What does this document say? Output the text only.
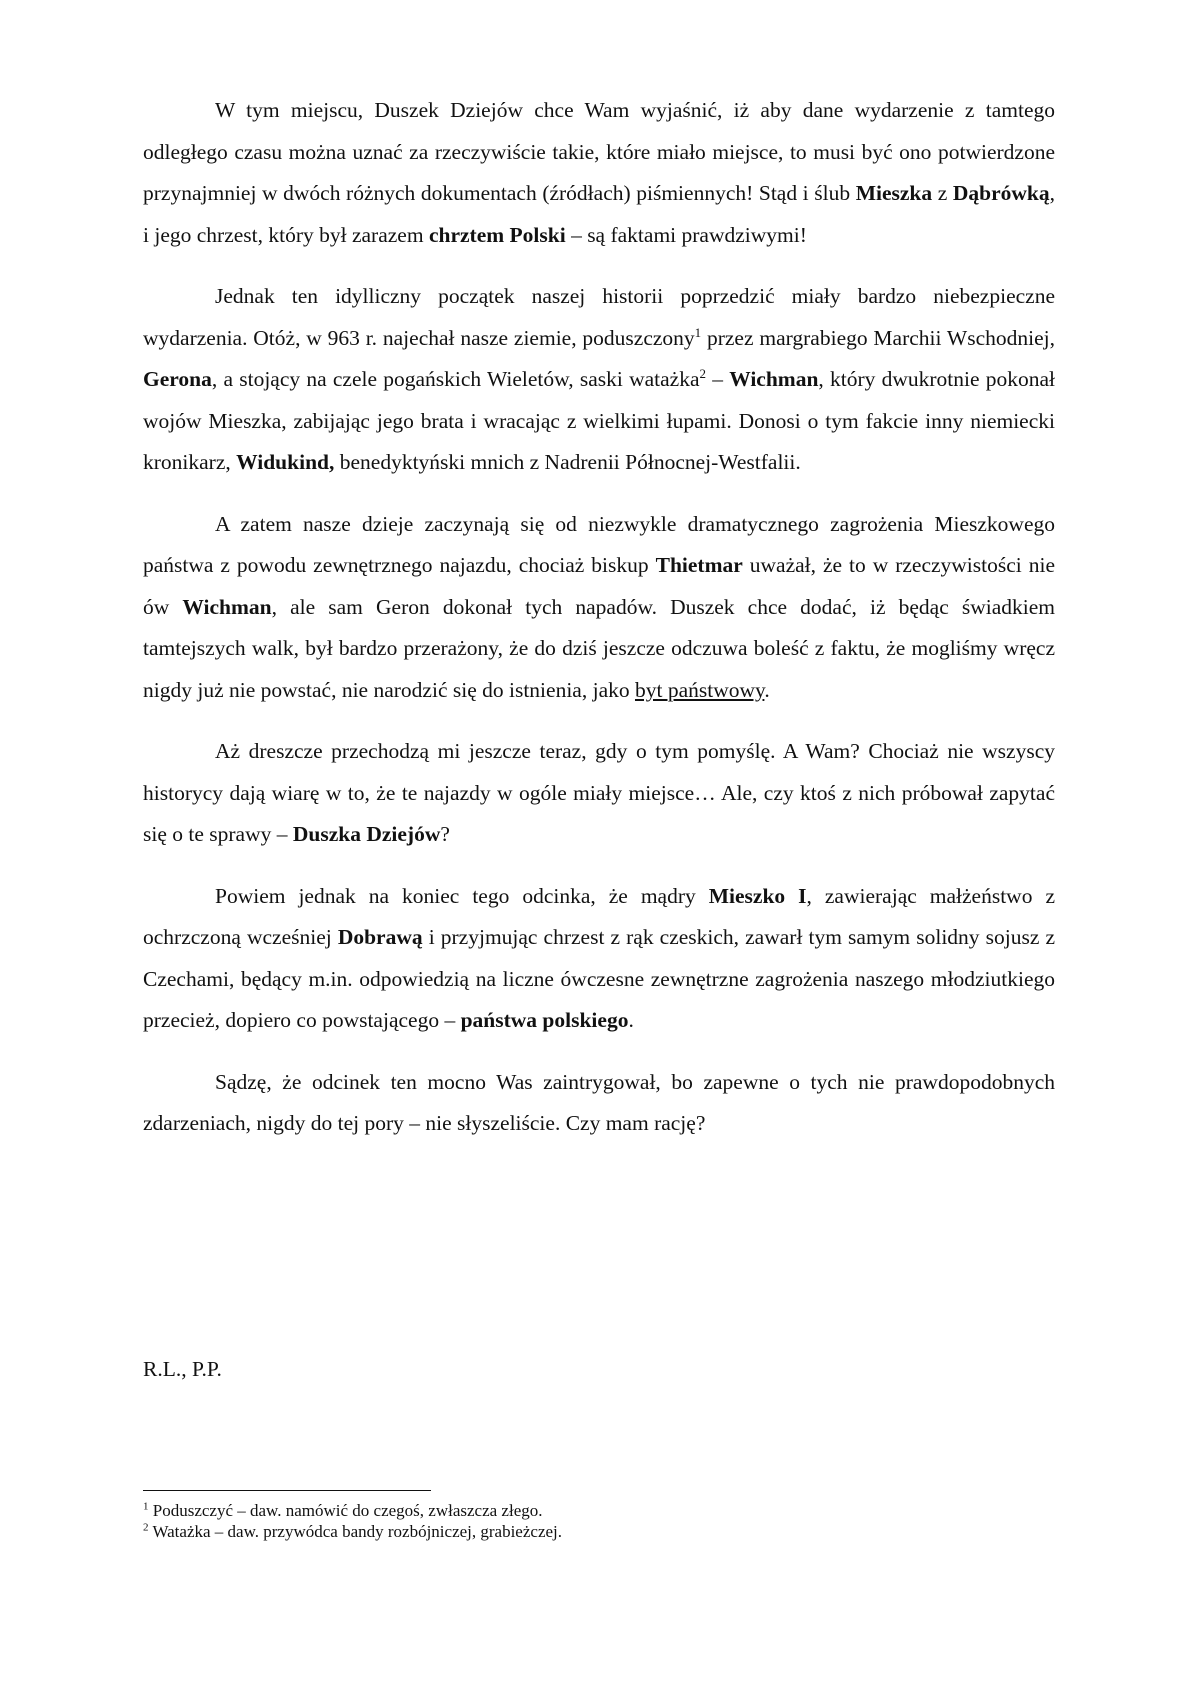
W tym miejscu, Duszek Dziejów chce Wam wyjaśnić, iż aby dane wydarzenie z tamtego odległego czasu można uznać za rzeczywiście takie, które miało miejsce, to musi być ono potwierdzone przynajmniej w dwóch różnych dokumentach (źródłach) piśmiennych! Stąd i ślub Mieszka z Dąbrówką, i jego chrzest, który był zarazem chrztem Polski – są faktami prawdziwymi!

Jednak ten idylliczny początek naszej historii poprzedzić miały bardzo niebezpieczne wydarzenia. Otóż, w 963 r. najechał nasze ziemie, poduszczony$^1$ przez margrabiego Marchii Wschodniej, Gerona, a stojący na czele pogańskich Wieletów, saski watażka$^2$ – Wichman, który dwukrotnie pokonał wojów Mieszka, zabijając jego brata i wracając z wielkimi łupami. Donosi o tym fakcie inny niemiecki kronikarz, Widukind, benedyktyński mnich z Nadrenii Północnej-Westfalii.

A zatem nasze dzieje zaczynają się od niezwykle dramatycznego zagrożenia Mieszkowego państwa z powodu zewnętrznego najazdu, chociaż biskup Thietmar uważał, że to w rzeczywistości nie ów Wichman, ale sam Geron dokonał tych napadów. Duszek chce dodać, iż będąc świadkiem tamtejszych walk, był bardzo przerażony, że do dziś jeszcze odczuwa boleść z faktu, że mogliśmy wręcz nigdy już nie powstać, nie narodzić się do istnienia, jako byt państwowy.

Aż dreszcze przechodzą mi jeszcze teraz, gdy o tym pomyślę. A Wam? Chociaż nie wszyscy historycy dają wiarę w to, że te najazdy w ogóle miały miejsce… Ale, czy ktoś z nich próbował zapytać się o te sprawy – Duszka Dziejów?

Powiem jednak na koniec tego odcinka, że mądry Mieszko I, zawierając małżeństwo z ochrzczoną wcześniej Dobrawą i przyjmując chrzest z rąk czeskich, zawarł tym samym solidny sojusz z Czechami, będący m.in. odpowiedzią na liczne ówczesne zewnętrzne zagrożenia naszego młodziutkiego przecież, dopiero co powstającego – państwa polskiego.

Sądzę, że odcinek ten mocno Was zaintrygował, bo zapewne o tych nie prawdopodobnych zdarzeniach, nigdy do tej pory – nie słyszeliście. Czy mam rację?

R.L., P.P.
$^1$ Poduszczyć – daw. namówić do czegoś, zwłaszcza złego.
$^2$ Watażka – daw. przywódca bandy rozbójniczej, grabieżczej.
